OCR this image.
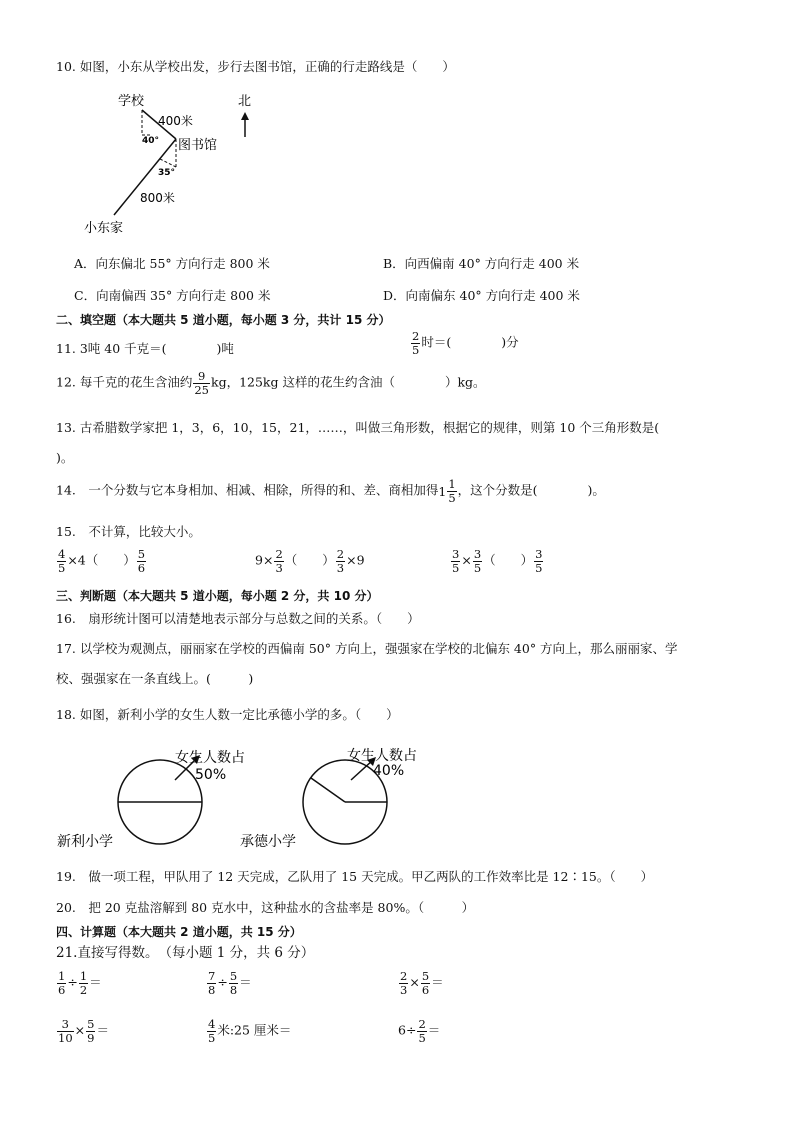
10. 如图，小东从学校出发，步行去图书馆，正确的行走路线是（　　）
学校
40°
400米
图书馆
35°
800米
小东家
北
A．向东偏北 55° 方向行走 800 米	B．向西偏南 40° 方向行走 400 米
C．向南偏西 35° 方向行走 800 米	D．向南偏东 40° 方向行走 400 米
二、填空题（本大题共 5 道小题，每小题 3 分，共计 15 分）
11. 3吨 40 千克＝(　　　　)吨	$\frac{2}{5}$ 时＝(　　　　)分
12. 每千克的花生含油约 $\frac{9}{25}$ kg，125kg 这样的花生约含油（　　　　）kg。
13. 古希腊数学家把 1，3，6，10，15，21，……，叫做三角形数，根据它的规律，则第 10 个三角形数是(
)。
14.　一个分数与它本身相加、相减、相除，所得的和、差、商相加得$1 \frac{1}{5}$ ，这个分数是(　　　　)。
15.　不计算，比较大小。
$\frac{4}{5} \times 4$（　　） $\frac{5}{6}$	$9\times \frac{2}{3}$ （　　） $\frac{2}{3} \times 9$	$\frac{3}{5} \times \frac{3}{5}$ （　　） $\frac{3}{5}$
三、判断题（本大题共 5 道小题，每小题 2 分，共 10 分）
16.　扇形统计图可以清楚地表示部分与总数之间的关系。（　　）
17. 以学校为观测点，丽丽家在学校的西偏南 50° 方向上，强强家在学校的北偏东 40° 方向上，那么丽丽家、学
校、强强家在一条直线上。(　　　)
18. 如图，新利小学的女生人数一定比承德小学的多。（　　）
女生人数占
50%
新利小学
女生人数占
40%
承德小学
19.　做一项工程，甲队用了 12 天完成，乙队用了 15 天完成。甲乙两队的工作效率比是 12∶15。（　　）
20.　把 20 克盐溶解到 80 克水中，这种盐水的含盐率是 80%。（　　　）
四、计算题（本大题共 2 道小题，共 15 分）
21.直接写得数。　（每小题 1 分，共 6 分）
$\frac{1}{6} \div \frac{1}{2}$ ＝	$\frac{7}{8} \div \frac{5}{8}$ ＝	$\frac{2}{3} \times \frac{5}{6}$ ＝
$\frac{3}{10} \times \frac{5}{9}$ ＝	$\frac{4}{5}$ 米:25 厘米＝	$6\div \frac{2}{5}$ ＝
